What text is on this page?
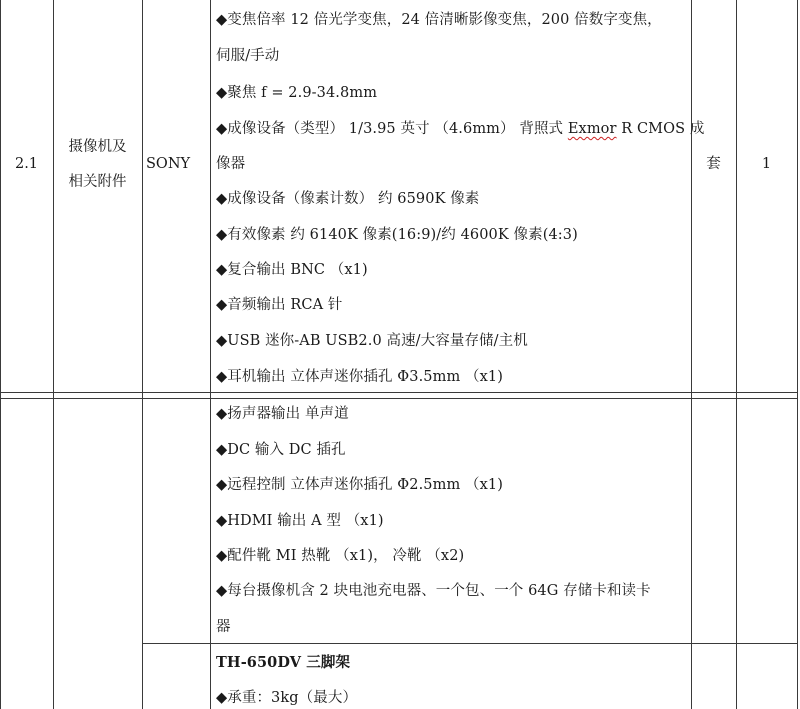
2.1
摄像机及
相关附件
SONY	套	1
◆变焦倍率 12 倍光学变焦，24 倍清晰影像变焦，200 倍数字变焦，
伺服/手动
◆聚焦 f = 2.9-34.8mm
◆成像设备（类型） 1/3.95 英寸 （4.6mm） 背照式 Exmor R CMOS 成
像器
◆成像设备（像素计数） 约 6590K 像素
◆有效像素 约 6140K 像素(16:9)/约 4600K 像素(4:3)
◆复合输出 BNC （x1)
◆音频输出 RCA 针
◆USB 迷你-AB USB2.0 高速/大容量存储/主机
◆耳机输出 立体声迷你插孔 Φ3.5mm （x1)
◆扬声器输出 单声道
◆DC 输入 DC 插孔
◆远程控制 立体声迷你插孔 Φ2.5mm （x1)
◆HDMI 输出 A 型 （x1)
◆配件靴 MI 热靴 （x1)， 冷靴 （x2)
◆每台摄像机含 2 块电池充电器、一个包、一个 64G 存储卡和读卡
器
TH-650DV 三脚架
◆承重：3kg（最大）
